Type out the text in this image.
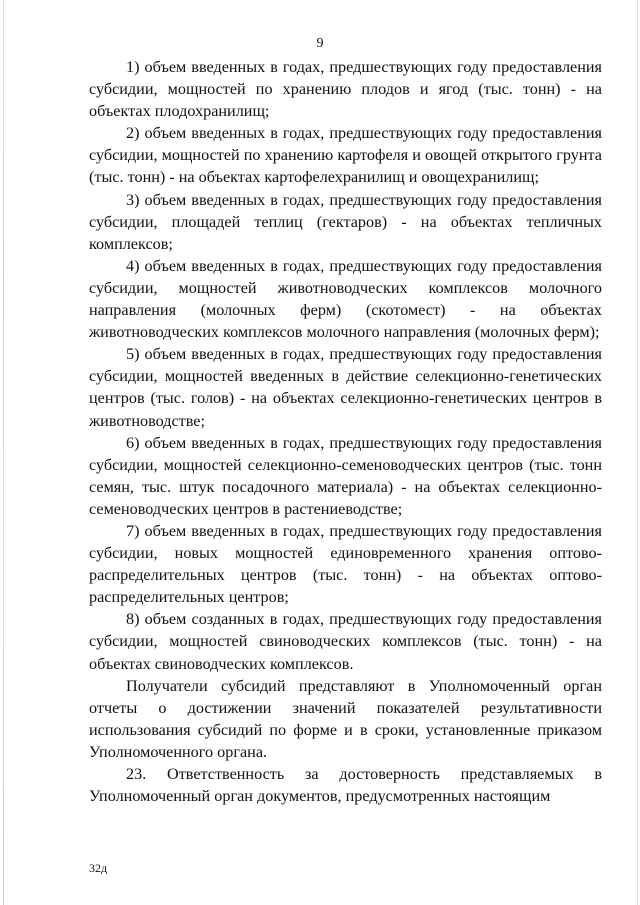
9

1) объем введенных в годах, предшествующих году предоставления субсидии, мощностей по хранению плодов и ягод (тыс. тонн) - на объектах плодохранилищ;

2) объем введенных в годах, предшествующих году предоставления субсидии, мощностей по хранению картофеля и овощей открытого грунта (тыс. тонн) - на объектах картофелехранилищ и овощехранилищ;

3) объем введенных в годах, предшествующих году предоставления субсидии, площадей теплиц (гектаров) - на объектах тепличных комплексов;

4) объем введенных в годах, предшествующих году предоставления субсидии, мощностей животноводческих комплексов молочного направления (молочных ферм) (скотомест) - на объектах животноводческих комплексов молочного направления (молочных ферм);

5) объем введенных в годах, предшествующих году предоставления субсидии, мощностей введенных в действие селекционно-генетических центров (тыс. голов) - на объектах селекционно-генетических центров в животноводстве;

6) объем введенных в годах, предшествующих году предоставления субсидии, мощностей селекционно-семеноводческих центров (тыс. тонн семян, тыс. штук посадочного материала) - на объектах селекционно-семеноводческих центров в растениеводстве;

7) объем введенных в годах, предшествующих году предоставления субсидии, новых мощностей единовременного хранения оптово-распределительных центров (тыс. тонн) - на объектах оптово-распределительных центров;

8) объем созданных в годах, предшествующих году предоставления субсидии, мощностей свиноводческих комплексов (тыс. тонн) - на объектах свиноводческих комплексов.

Получатели субсидий представляют в Уполномоченный орган отчеты о достижении значений показателей результативности использования субсидий по форме и в сроки, установленные приказом Уполномоченного органа.

23. Ответственность за достоверность представляемых в Уполномоченный орган документов, предусмотренных настоящим

32д
